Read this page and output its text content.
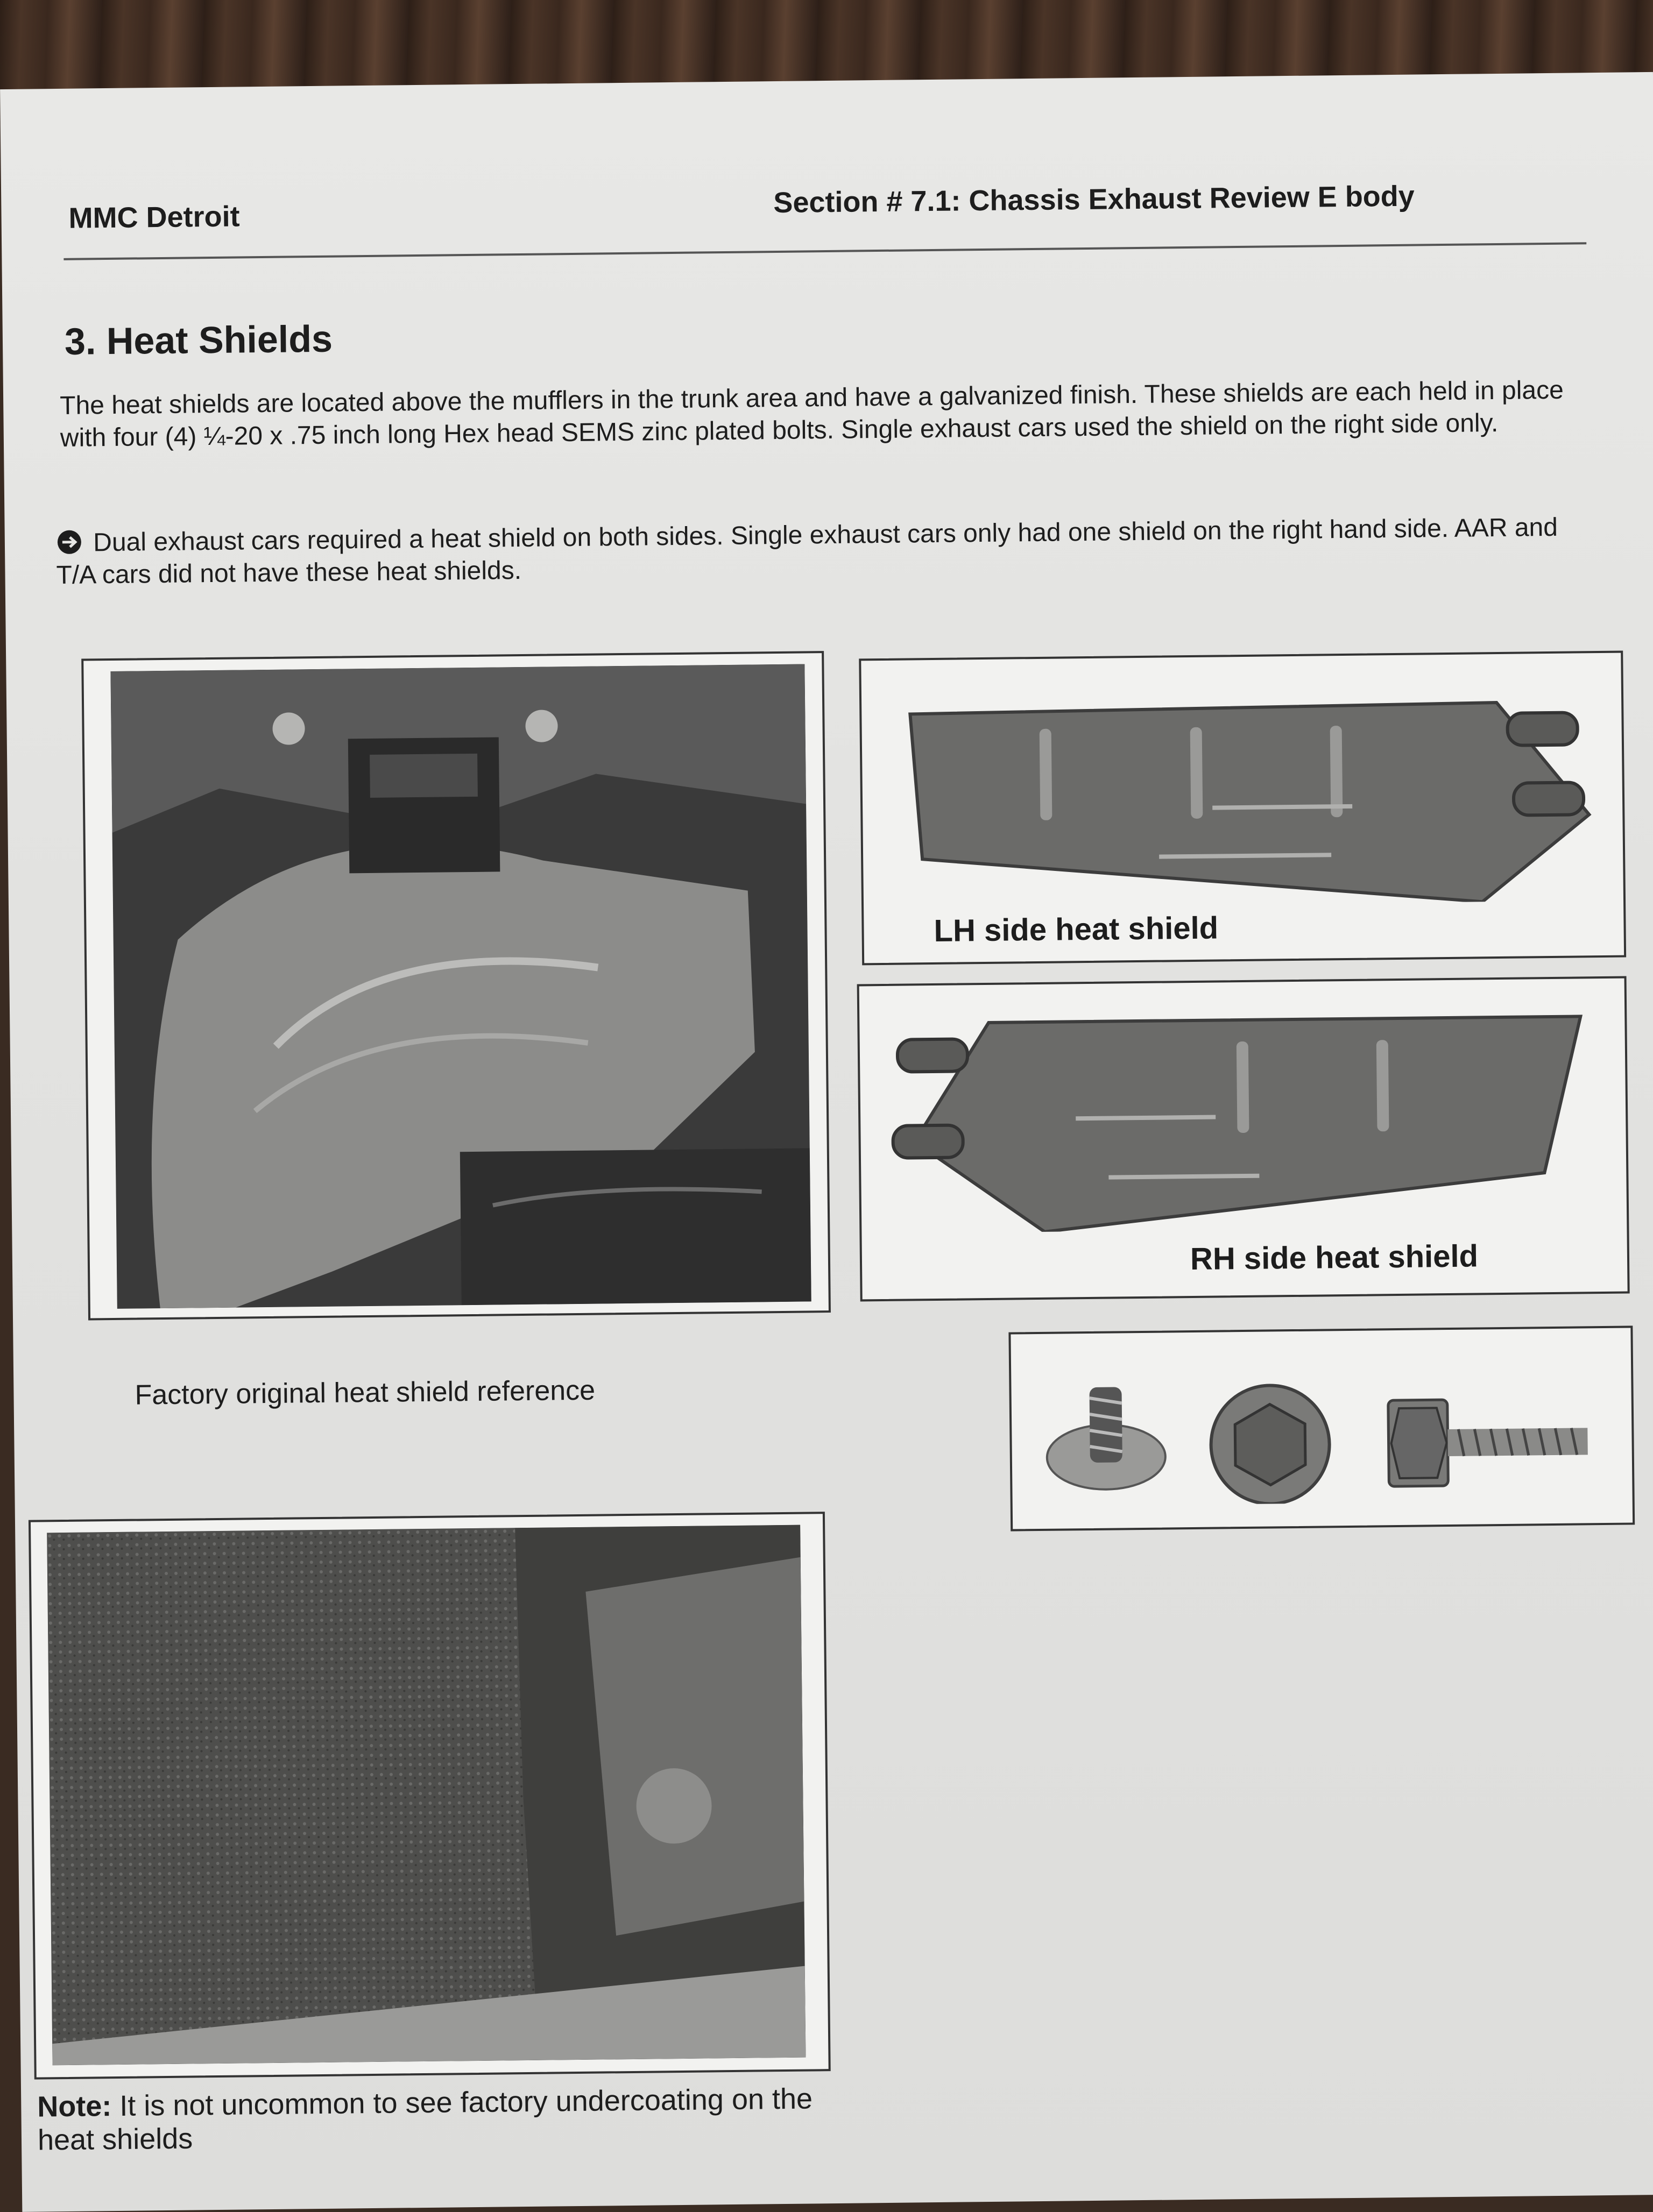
MMC Detroit	Section # 7.1: Chassis Exhaust Review E body
3. Heat Shields
The heat shields are located above the mufflers in the trunk area and have a galvanized finish. These shields are each held in place with four (4) ¼-20 x .75 inch long Hex head SEMS zinc plated bolts. Single exhaust cars used the shield on the right side only.
Dual exhaust cars required a heat shield on both sides. Single exhaust cars only had one shield on the right hand side. AAR and T/A cars did not have these heat shields.
LH side heat shield
RH side heat shield
Factory original heat shield reference
Note: It is not uncommon to see factory undercoating on the heat shields
